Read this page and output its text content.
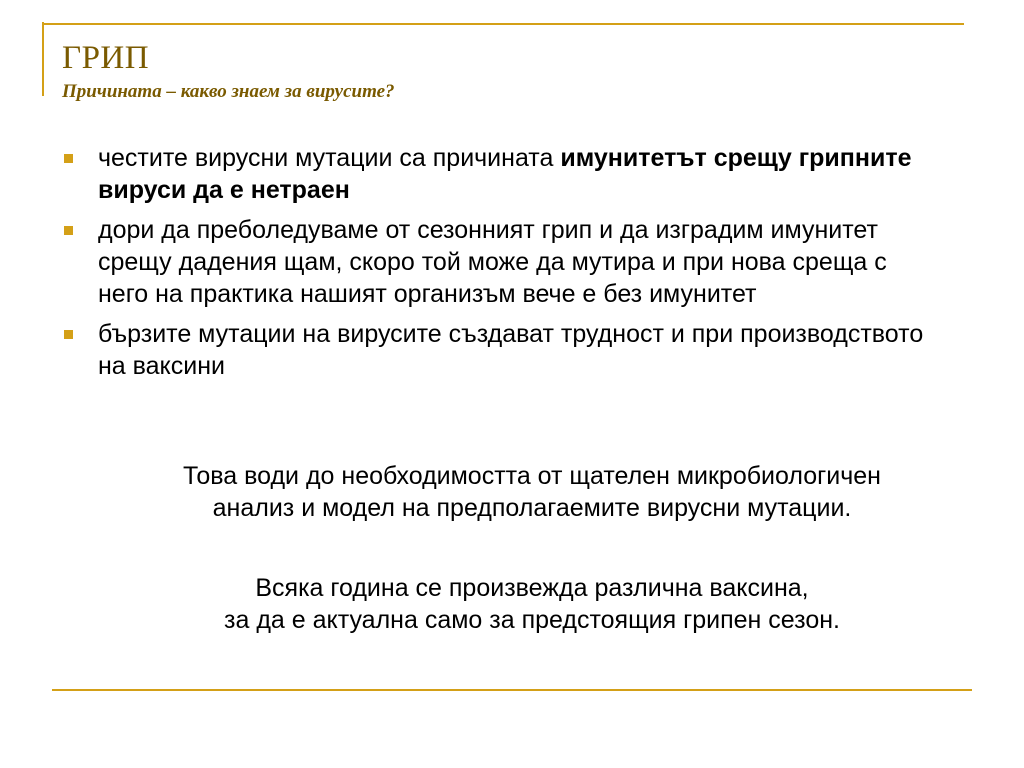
ГРИП
Причината – какво знаем за вирусите?
честите вирусни мутации са причината имунитетът срещу грипните вируси да е нетраен
дори да преболедуваме от сезонният грип и да изградим имунитет срещу дадения щам, скоро той може да мутира и при нова среща с него на практика нашият организъм вече е без имунитет
бързите мутации на вирусите създават трудност и при производството на ваксини
Това води до необходимостта от щателен микробиологичен
анализ и модел на предполагаемите вирусни мутации.
Всяка година се произвежда различна ваксина,
за да е актуална само за предстоящия грипен сезон.
